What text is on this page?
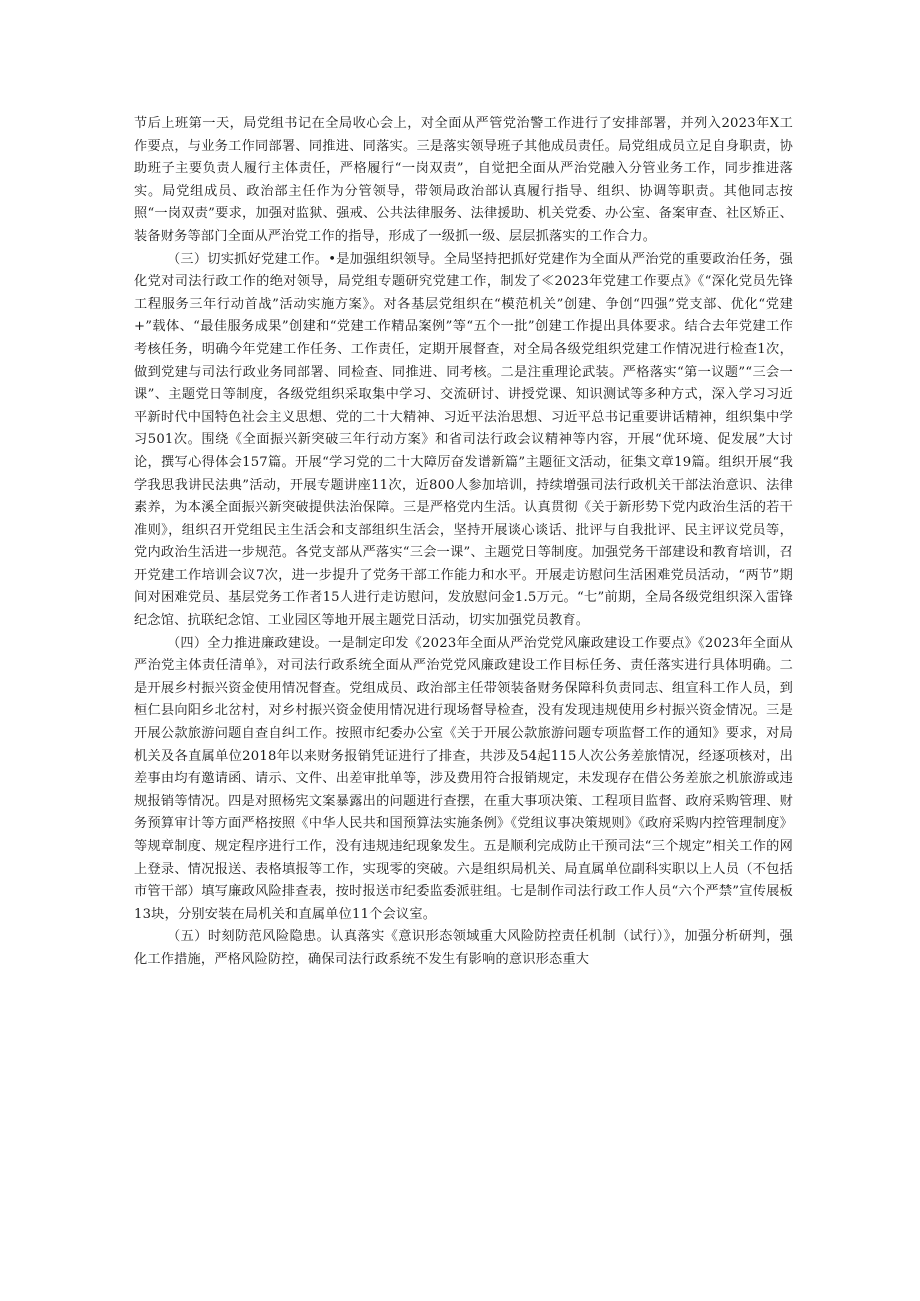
节后上班第一天，局党组书记在全局收心会上，对全面从严管党治警工作进行了安排部署，并列入2023年X工作要点，与业务工作同部署、同推进、同落实。三是落实领导班子其他成员责任。局党组成员立足自身职责，协助班子主要负责人履行主体责任，严格履行“一岗双责”，自觉把全面从严治党融入分管业务工作，同步推进落实。局党组成员、政治部主任作为分管领导，带领局政治部认真履行指导、组织、协调等职责。其他同志按照“一岗双责”要求，加强对监狱、强戒、公共法律服务、法律援助、机关党委、办公室、备案审查、社区矫正、装备财务等部门全面从严治党工作的指导，形成了一级抓一级、层层抓落实的工作合力。

（三）切实抓好党建工作。•是加强组织领导。全局坚持把抓好党建作为全面从严治党的重要政治任务，强化党对司法行政工作的绝对领导，局党组专题研究党建工作，制发了≪2023年党建工作要点》《“深化党员先锋工程服务三年行动首战”活动实施方案》。对各基层党组织在“模范机关”创建、争创“四强”党支部、优化“党建+”载体、“最佳服务成果”创建和“党建工作精品案例”等“五个一批”创建工作提出具体要求。结合去年党建工作考核任务，明确今年党建工作任务、工作责任，定期开展督查，对全局各级党组织党建工作情况进行检查1次，做到党建与司法行政业务同部署、同检查、同推进、同考核。二是注重理论武装。严格落实“第一议题”“三会一课”、主题党日等制度，各级党组织采取集中学习、交流研讨、讲授党课、知识测试等多种方式，深入学习习近平新时代中国特色社会主义思想、党的二十大精神、习近平法治思想、习近平总书记重要讲话精神，组织集中学习501次。围绕《全面振兴新突破三年行动方案》和省司法行政会议精神等内容，开展“优环境、促发展”大讨论，撰写心得体会157篇。开展“学习党的二十大障厉奋发谱新篇”主题征文活动，征集文章19篇。组织开展“我学我思我讲民法典”活动，开展专题讲座11次，近800人参加培训，持续增强司法行政机关干部法治意识、法律素养，为本溪全面振兴新突破提供法治保障。三是严格党内生活。认真贯彻《关于新形势下党内政治生活的若干准则》，组织召开党组民主生活会和支部组织生活会，坚持开展谈心谈话、批评与自我批评、民主评议党员等，党内政治生活进一步规范。各党支部从严落实“三会一课”、主题党日等制度。加强党务干部建设和教育培训，召开党建工作培训会议7次，进一步提升了党务干部工作能力和水平。开展走访慰问生活困难党员活动，“两节”期间对困难党员、基层党务工作者15人进行走访慰问，发放慰问金1.5万元。“七”前期，全局各级党组织深入雷锋纪念馆、抗联纪念馆、工业园区等地开展主题党日活动，切实加强党员教育。

（四）全力推进廉政建设。一是制定印发《2023年全面从严治党党风廉政建设工作要点》《2023年全面从严治党主体责任清单》，对司法行政系统全面从严治党党风廉政建设工作目标任务、责任落实进行具体明确。二是开展乡村振兴资金使用情况督查。党组成员、政治部主任带领装备财务保障科负责同志、组宣科工作人员，到桓仁县向阳乡北岔村，对乡村振兴资金使用情况进行现场督导检查，没有发现违规使用乡村振兴资金情况。三是开展公款旅游问题自查自纠工作。按照市纪委办公室《关于开展公款旅游问题专项监督工作的通知》要求，对局机关及各直属单位2018年以来财务报销凭证进行了排查，共涉及54起115人次公务差旅情况，经逐项核对，出差事由均有邀请函、请示、文件、出差审批单等，涉及费用符合报销规定，未发现存在借公务差旅之机旅游或违规报销等情况。四是对照杨宪文案暴露出的问题进行查摆，在重大事项决策、工程项目监督、政府采购管理、财务预算审计等方面严格按照《中华人民共和国预算法实施条例》《党组议事决策规则》《政府采购内控管理制度》等规章制度、规定程序进行工作，没有违规违纪现象发生。五是顺利完成防止干预司法“三个规定”相关工作的网上登录、情况报送、表格填报等工作，实现零的突破。六是组织局机关、局直属单位副科实职以上人员（不包括市管干部）填写廉政风险排查表，按时报送市纪委监委派驻组。七是制作司法行政工作人员“六个严禁”宣传展板13块，分别安装在局机关和直属单位11个会议室。

（五）时刻防范风险隐患。认真落实《意识形态领域重大风险防控责任机制（试行）》，加强分析研判，强化工作措施，严格风险防控，确保司法行政系统不发生有影响的意识形态重大
